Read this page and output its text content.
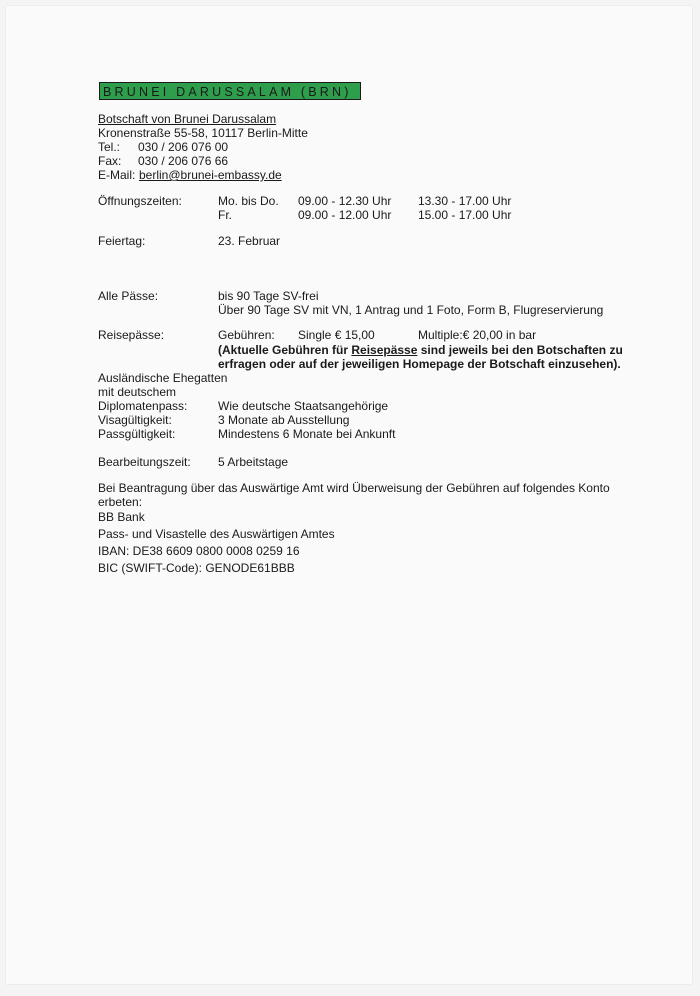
BRUNEI DARUSSALAM (BRN)
Botschaft von Brunei Darussalam
Kronenstraße 55-58, 10117 Berlin-Mitte
Tel.: 030 / 206 076 00
Fax: 030 / 206 076 66
E-Mail: berlin@brunei-embassy.de
Öffnungszeiten:	Mo. bis Do. 09.00 - 12.30 Uhr 13.30 - 17.00 Uhr
Fr.	09.00 - 12.00 Uhr 15.00 - 17.00 Uhr
Feiertag:	23. Februar
Alle Pässe:	bis 90 Tage SV-frei
Über 90 Tage SV mit VN, 1 Antrag und 1 Foto, Form B, Flugreservierung
Reisepässe:	Gebühren: Single € 15,00	Multiple:€ 20,00 in bar
(Aktuelle Gebühren für Reisepässe sind jeweils bei den Botschaften zu
erfragen oder auf der jeweiligen Homepage der Botschaft einzusehen).
Ausländische Ehegatten
mit deutschem
Diplomatenpass:	Wie deutsche Staatsangehörige
Visagültigkeit:	3 Monate ab Ausstellung
Passgültigkeit:	Mindestens 6 Monate bei Ankunft
Bearbeitungszeit: 5 Arbeitstage
Bei Beantragung über das Auswärtige Amt wird Überweisung der Gebühren auf folgendes Konto
erbeten:
BB Bank
Pass- und Visastelle des Auswärtigen Amtes
IBAN: DE38 6609 0800 0008 0259 16
BIC (SWIFT-Code): GENODE61BBB
